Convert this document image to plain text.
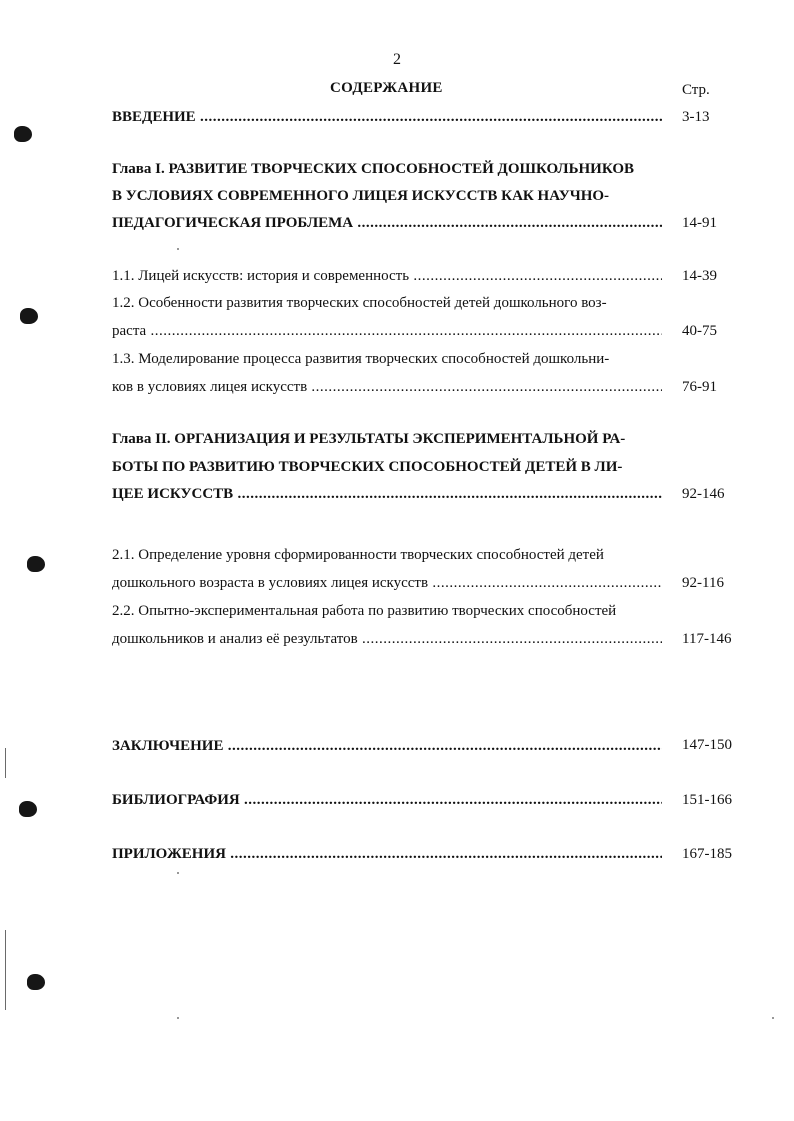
2
СОДЕРЖАНИЕ	Стр.
ВВЕДЕНИЕ .....	3-13
Глава I. РАЗВИТИЕ ТВОРЧЕСКИХ СПОСОБНОСТЕЙ ДОШКОЛЬНИКОВ
В УСЛОВИЯХ СОВРЕМЕННОГО ЛИЦЕЯ ИСКУССТВ КАК НАУЧНО-
ПЕДАГОГИЧЕСКАЯ ПРОБЛЕМА .....	14-91
1.1. Лицей искусств: история и современность .....	14-39
1.2. Особенности развития творческих способностей детей дошкольного воз-
раста .....	40-75
1.3. Моделирование процесса развития творческих способностей дошкольни-
ков в условиях лицея искусств .....	76-91
Глава II. ОРГАНИЗАЦИЯ И РЕЗУЛЬТАТЫ ЭКСПЕРИМЕНТАЛЬНОЙ РА-
БОТЫ ПО РАЗВИТИЮ ТВОРЧЕСКИХ СПОСОБНОСТЕЙ ДЕТЕЙ В ЛИ-
ЦЕЕ ИСКУССТВ .....	92-146
2.1. Определение уровня сформированности творческих способностей детей
дошкольного возраста в условиях лицея искусств .....	92-116
2.2. Опытно-экспериментальная работа по развитию творческих способностей
дошкольников и анализ её результатов .....	117-146
ЗАКЛЮЧЕНИЕ .....	147-150
БИБЛИОГРАФИЯ .....	151-166
ПРИЛОЖЕНИЯ .....	167-185
